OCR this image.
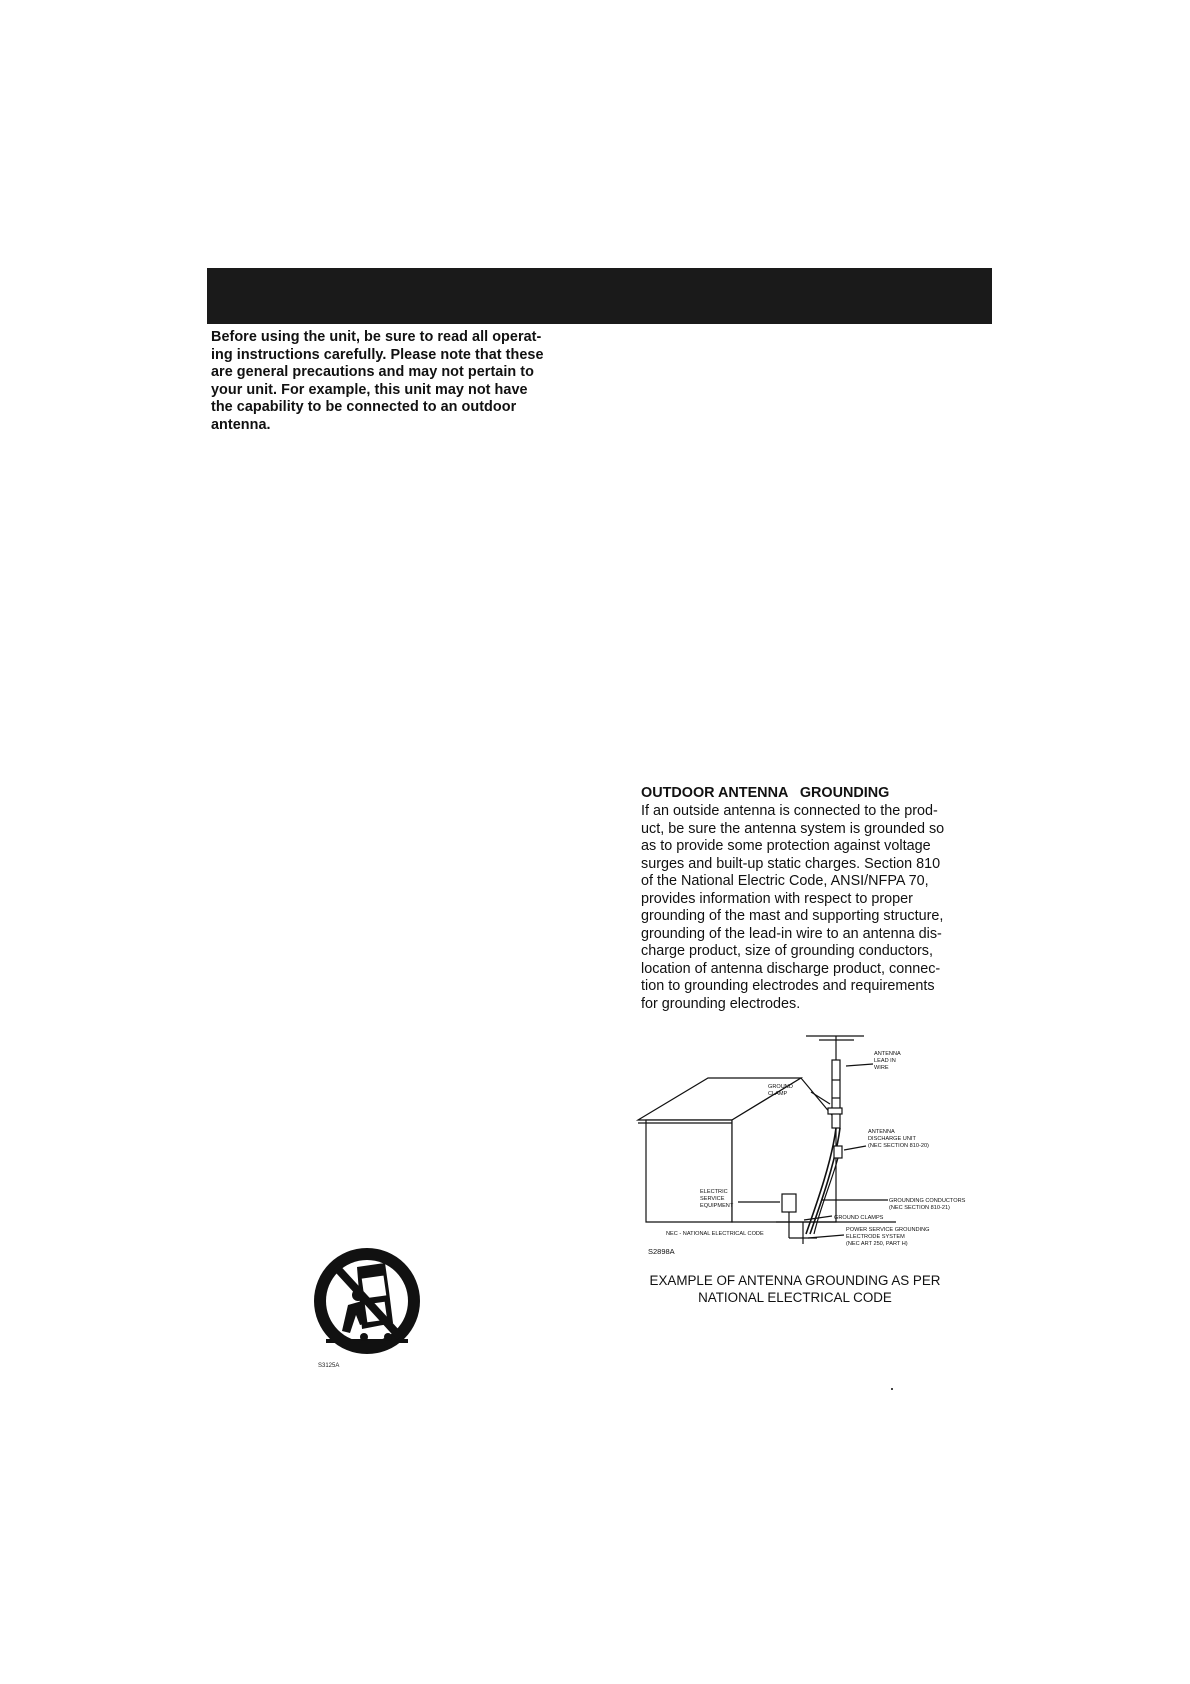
Before using the unit, be sure to read all operat-
ing instructions carefully. Please note that these
are general precautions and may not pertain to
your unit. For example, this unit may not have
the capability to be connected to an outdoor
antenna.
OUTDOOR ANTENNA   GROUNDING
If an outside antenna is connected to the prod-
uct, be sure the antenna system is grounded so
as to provide some protection against voltage
surges and built-up static charges. Section 810
of the National Electric Code, ANSI/NFPA 70,
provides information with respect to proper
grounding of the mast and supporting structure,
grounding of the lead-in wire to an antenna dis-
charge product, size of grounding conductors,
location of antenna discharge product, connec-
tion to grounding electrodes and requirements
for grounding electrodes.
ANTENNA
LEAD IN
WIRE
GROUND
CLAMP
ANTENNA
DISCHARGE UNIT
(NEC SECTION 810-20)
ELECTRIC
SERVICE
EQUIPMENT
GROUNDING CONDUCTORS
(NEC SECTION 810-21)
GROUND CLAMPS
POWER SERVICE GROUNDING
ELECTRODE SYSTEM
(NEC ART 250, PART H)
NEC - NATIONAL ELECTRICAL CODE
S2898A
EXAMPLE OF ANTENNA GROUNDING AS PER
NATIONAL ELECTRICAL CODE
S3125A
